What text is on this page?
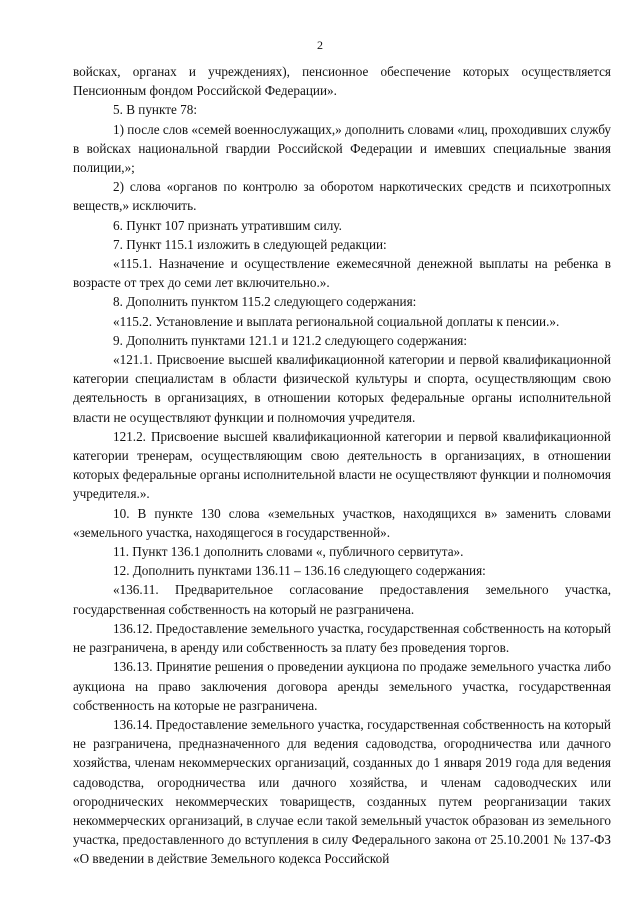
2

войсках, органах и учреждениях), пенсионное обеспечение которых осуществляется Пенсионным фондом Российской Федерации».

5. В пункте 78:

1) после слов «семей военнослужащих,» дополнить словами «лиц, проходивших службу в войсках национальной гвардии Российской Федерации и имевших специальные звания полиции,»;

2) слова «органов по контролю за оборотом наркотических средств и психотропных веществ,» исключить.

6. Пункт 107 признать утратившим силу.

7. Пункт 115.1 изложить в следующей редакции:

«115.1. Назначение и осуществление ежемесячной денежной выплаты на ребенка в возрасте от трех до семи лет включительно.».

8. Дополнить пунктом 115.2 следующего содержания:

«115.2. Установление и выплата региональной социальной доплаты к пенсии.».

9. Дополнить пунктами 121.1 и 121.2 следующего содержания:

«121.1. Присвоение высшей квалификационной категории и первой квалификационной категории специалистам в области физической культуры и спорта, осуществляющим свою деятельность в организациях, в отношении которых федеральные органы исполнительной власти не осуществляют функции и полномочия учредителя.

121.2. Присвоение высшей квалификационной категории и первой квалификационной категории тренерам, осуществляющим свою деятельность в организациях, в отношении которых федеральные органы исполнительной власти не осуществляют функции и полномочия учредителя.».

10. В пункте 130 слова «земельных участков, находящихся в» заменить словами «земельного участка, находящегося в государственной».

11. Пункт 136.1 дополнить словами «, публичного сервитута».

12. Дополнить пунктами 136.11 – 136.16 следующего содержания:

«136.11. Предварительное согласование предоставления земельного участка, государственная собственность на который не разграничена.

136.12. Предоставление земельного участка, государственная собственность на который не разграничена, в аренду или собственность за плату без проведения торгов.

136.13. Принятие решения о проведении аукциона по продаже земельного участка либо аукциона на право заключения договора аренды земельного участка, государственная собственность на которые не разграничена.

136.14. Предоставление земельного участка, государственная собственность на который не разграничена, предназначенного для ведения садоводства, огородничества или дачного хозяйства, членам некоммерческих организаций, созданных до 1 января 2019 года для ведения садоводства, огородничества или дачного хозяйства, и членам садоводческих или огороднических некоммерческих товариществ, созданных путем реорганизации таких некоммерческих организаций, в случае если такой земельный участок образован из земельного участка, предоставленного до вступления в силу Федерального закона от 25.10.2001 № 137-ФЗ «О введении в действие Земельного кодекса Российской
